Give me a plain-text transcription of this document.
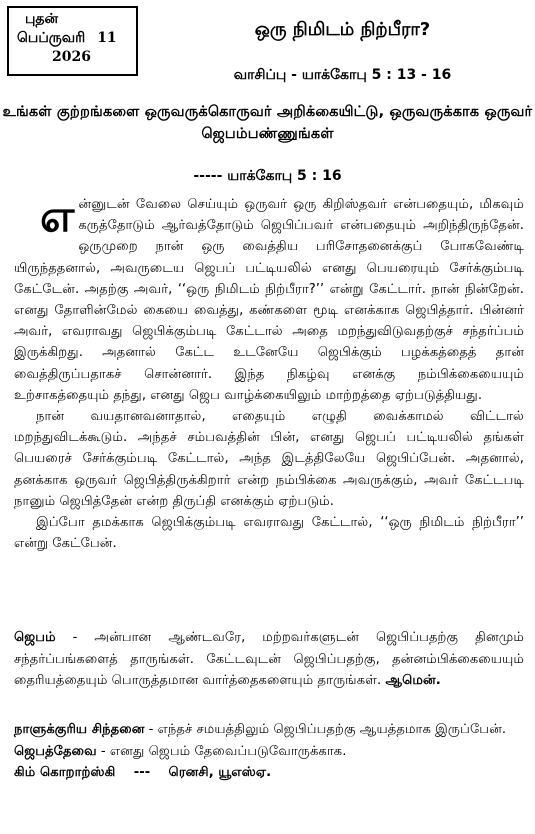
புதன்
பெப்ருவரி 11
2026
ஒரு நிமிடம் நிற்பீரா?
வாசிப்பு - யாக்கோபு 5 : 13 - 16
உங்கள் குற்றங்களை ஒருவருக்கொருவர் அறிக்கையிட்டு, ஒருவருக்காக ஒருவர் ஜெபம்பண்ணுங்கள்
----- யாக்கோபு 5 : 16

என்னுடன் வேலை செய்யும் ஒருவர் ஒரு கிறிஸ்தவர் என்பதையும், மிகவும் கருத்தோடும் ஆர்வத்தோடும் ஜெபிப்பவர் என்பதையும் அறிந்திருந்தேன். ஒருமுறை நான் ஒரு வைத்திய பரிசோதனைக்குப் போகவேண்டி யிருந்ததனால், அவருடைய ஜெபப் பட்டியலில் எனது பெயரையும் சேர்க்கும்படி கேட்டேன். அதற்கு அவர், ‘‘ஒரு நிமிடம் நிற்பீரா?’’ என்று கேட்டார். நான் நின்றேன். எனது தோளின்மேல் கையை வைத்து, கண்களை மூடி எனக்காக ஜெபித்தார். பின்னர் அவர், எவராவது ஜெபிக்கும்படி கேட்டால் அதை மறந்துவிடுவதற்குச் சந்தர்ப்பம் இருக்கிறது. அதனால் கேட்ட உடனேயே ஜெபிக்கும் பழக்கத்தைத் தான் வைத்திருப்பதாகச் சொன்னார். இந்த நிகழ்வு எனக்கு நம்பிக்கையையும் உற்சாகத்தையும் தந்து, எனது ஜெப வாழ்க்கையிலும் மாற்றத்தை ஏற்படுத்தியது.

நான் வயதானவனாதால், எதையும் எழுதி வைக்காமல் விட்டால் மறந்துவிடக்கூடும். அந்தச் சம்பவத்தின் பின், எனது ஜெபப் பட்டியலில் தங்கள் பெயரைச் சேர்க்கும்படி கேட்டால், அந்த இடத்திலேயே ஜெபிப்பேன். அதனால், தனக்காக ஒருவர் ஜெபித்திருக்கிறார் என்ற நம்பிக்கை அவருக்கும், அவர் கேட்டபடி நானும் ஜெபித்தேன் என்ற திருப்தி எனக்கும் ஏற்படும்.

இப்போ தமக்காக ஜெபிக்கும்படி எவராவது கேட்டால், ‘‘ஒரு நிமிடம் நிற்பீரா’’ என்று கேட்பேன்.

ஜெபம் - அன்பான ஆண்டவரே, மற்றவர்களுடன் ஜெபிப்பதற்கு தினமும் சந்தர்ப்பங்களைத் தாருங்கள். கேட்டவுடன் ஜெபிப்பதற்கு, தன்னம்பிக்கையையும் தைரியத்தையும் பொருத்தமான வார்த்தைகளையும் தாருங்கள். ஆமென்.

நாளுக்குரிய சிந்தனை - எந்தச் சமயத்திலும் ஜெபிப்பதற்கு ஆயத்தமாக இருப்பேன்.

ஜெபத்தேவை - எனது ஜெபம் தேவைப்படுவோருக்காக.

கிம் கொறாற்ஸ்கி    ---    ரெனசி, யூஎஸ்ஏ.
